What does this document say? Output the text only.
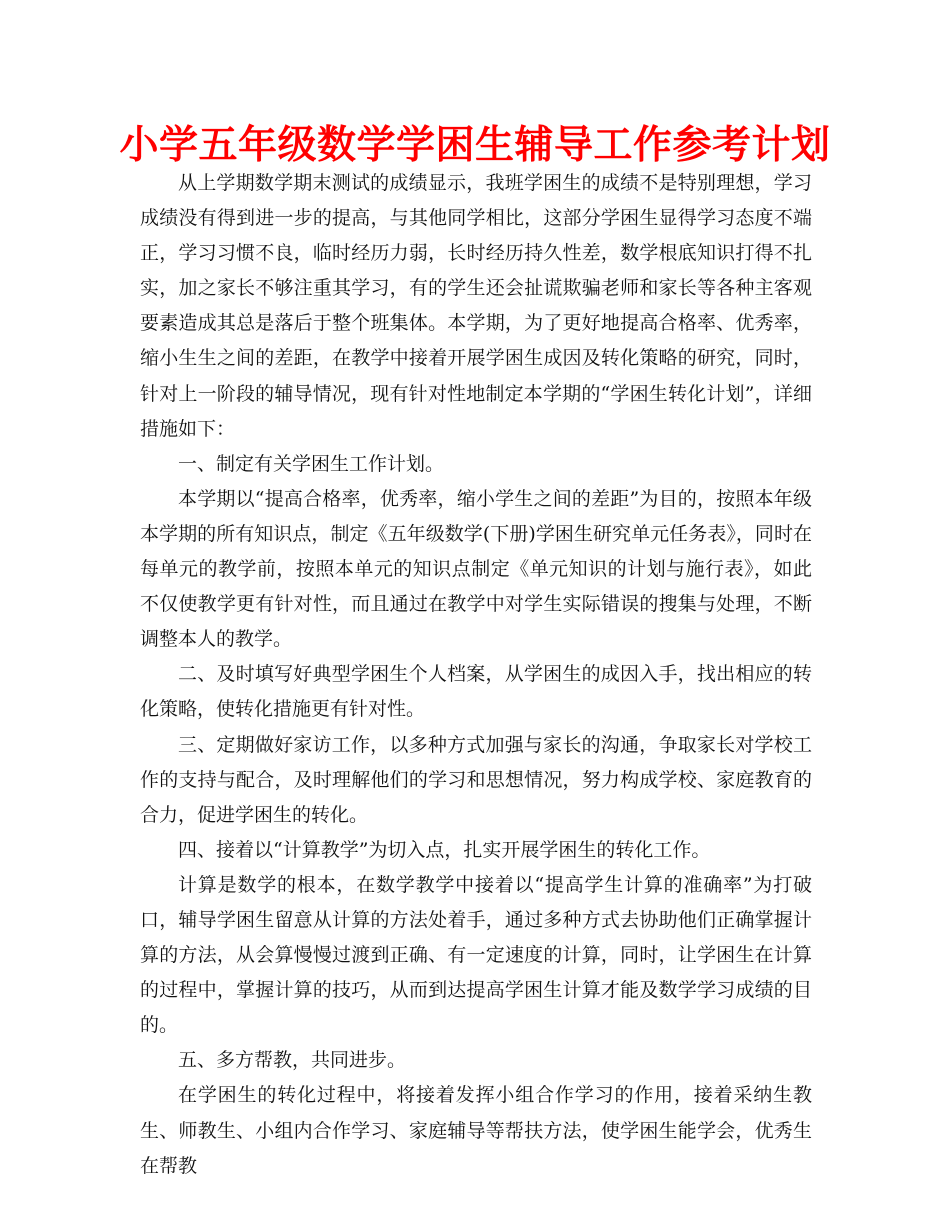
小学五年级数学学困生辅导工作参考计划

从上学期数学期末测试的成绩显示，我班学困生的成绩不是特别理想，学习成绩没有得到进一步的提高，与其他同学相比，这部分学困生显得学习态度不端正，学习习惯不良，临时经历力弱，长时经历持久性差，数学根底知识打得不扎实，加之家长不够注重其学习，有的学生还会扯谎欺骗老师和家长等各种主客观要素造成其总是落后于整个班集体。本学期，为了更好地提高合格率、优秀率，缩小生生之间的差距，在教学中接着开展学困生成因及转化策略的研究，同时，针对上一阶段的辅导情况，现有针对性地制定本学期的“学困生转化计划”，详细措施如下：

一、制定有关学困生工作计划。

本学期以“提高合格率，优秀率，缩小学生之间的差距”为目的，按照本年级本学期的所有知识点，制定《五年级数学(下册)学困生研究单元任务表》，同时在每单元的教学前，按照本单元的知识点制定《单元知识的计划与施行表》，如此不仅使教学更有针对性，而且通过在教学中对学生实际错误的搜集与处理，不断调整本人的教学。

二、及时填写好典型学困生个人档案，从学困生的成因入手，找出相应的转化策略，使转化措施更有针对性。

三、定期做好家访工作，以多种方式加强与家长的沟通，争取家长对学校工作的支持与配合，及时理解他们的学习和思想情况，努力构成学校、家庭教育的合力，促进学困生的转化。

四、接着以“计算教学”为切入点，扎实开展学困生的转化工作。

计算是数学的根本，在数学教学中接着以“提高学生计算的准确率”为打破口，辅导学困生留意从计算的方法处着手，通过多种方式去协助他们正确掌握计算的方法，从会算慢慢过渡到正确、有一定速度的计算，同时，让学困生在计算的过程中，掌握计算的技巧，从而到达提高学困生计算才能及数学学习成绩的目的。

五、多方帮教，共同进步。

在学困生的转化过程中，将接着发挥小组合作学习的作用，接着采纳生教生、师教生、小组内合作学习、家庭辅导等帮扶方法，使学困生能学会，优秀生在帮教
